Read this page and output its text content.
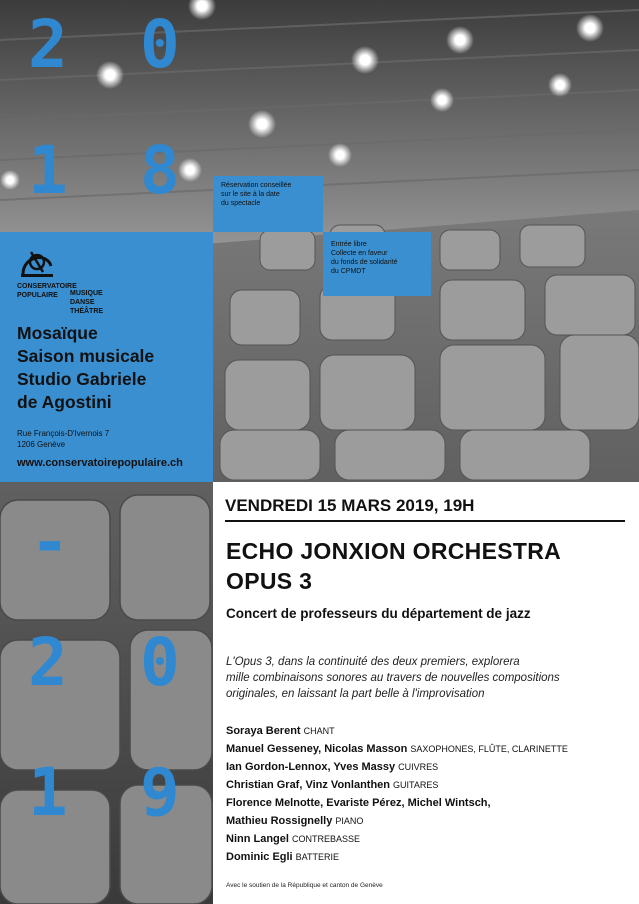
2 0
1 8
-
2 0
1 9
Réservation conseillée
sur le site à la date
du spectacle
Entrée libre
Collecte en faveur
du fonds de solidarité
du CPMDT
CONSERVATOIRE
POPULAIRE	MUSIQUE
DANSE
THÉÂTRE
Mosaïque
Saison musicale
Studio Gabriele
de Agostini
Rue François-D'Ivernois 7
1206 Genève
www.conservatoirepopulaire.ch
VENDREDI 15 MARS 2019, 19H
ECHO JONXION ORCHESTRA
OPUS 3
Concert de professeurs du département de jazz
L'Opus 3, dans la continuité des deux premiers, explorera
mille combinaisons sonores au travers de nouvelles compositions
originales, en laissant la part belle à l'improvisation
Soraya Berent CHANT
Manuel Gesseney, Nicolas Masson SAXOPHONES, FLÛTE, CLARINETTE
Ian Gordon-Lennox, Yves Massy CUIVRES
Christian Graf, Vinz Vonlanthen GUITARES
Florence Melnotte, Evariste Pérez, Michel Wintsch,
Mathieu Rossignelly PIANO
Ninn Langel CONTREBASSE
Dominic Egli BATTERIE
Avec le soutien de la République et canton de Genève
